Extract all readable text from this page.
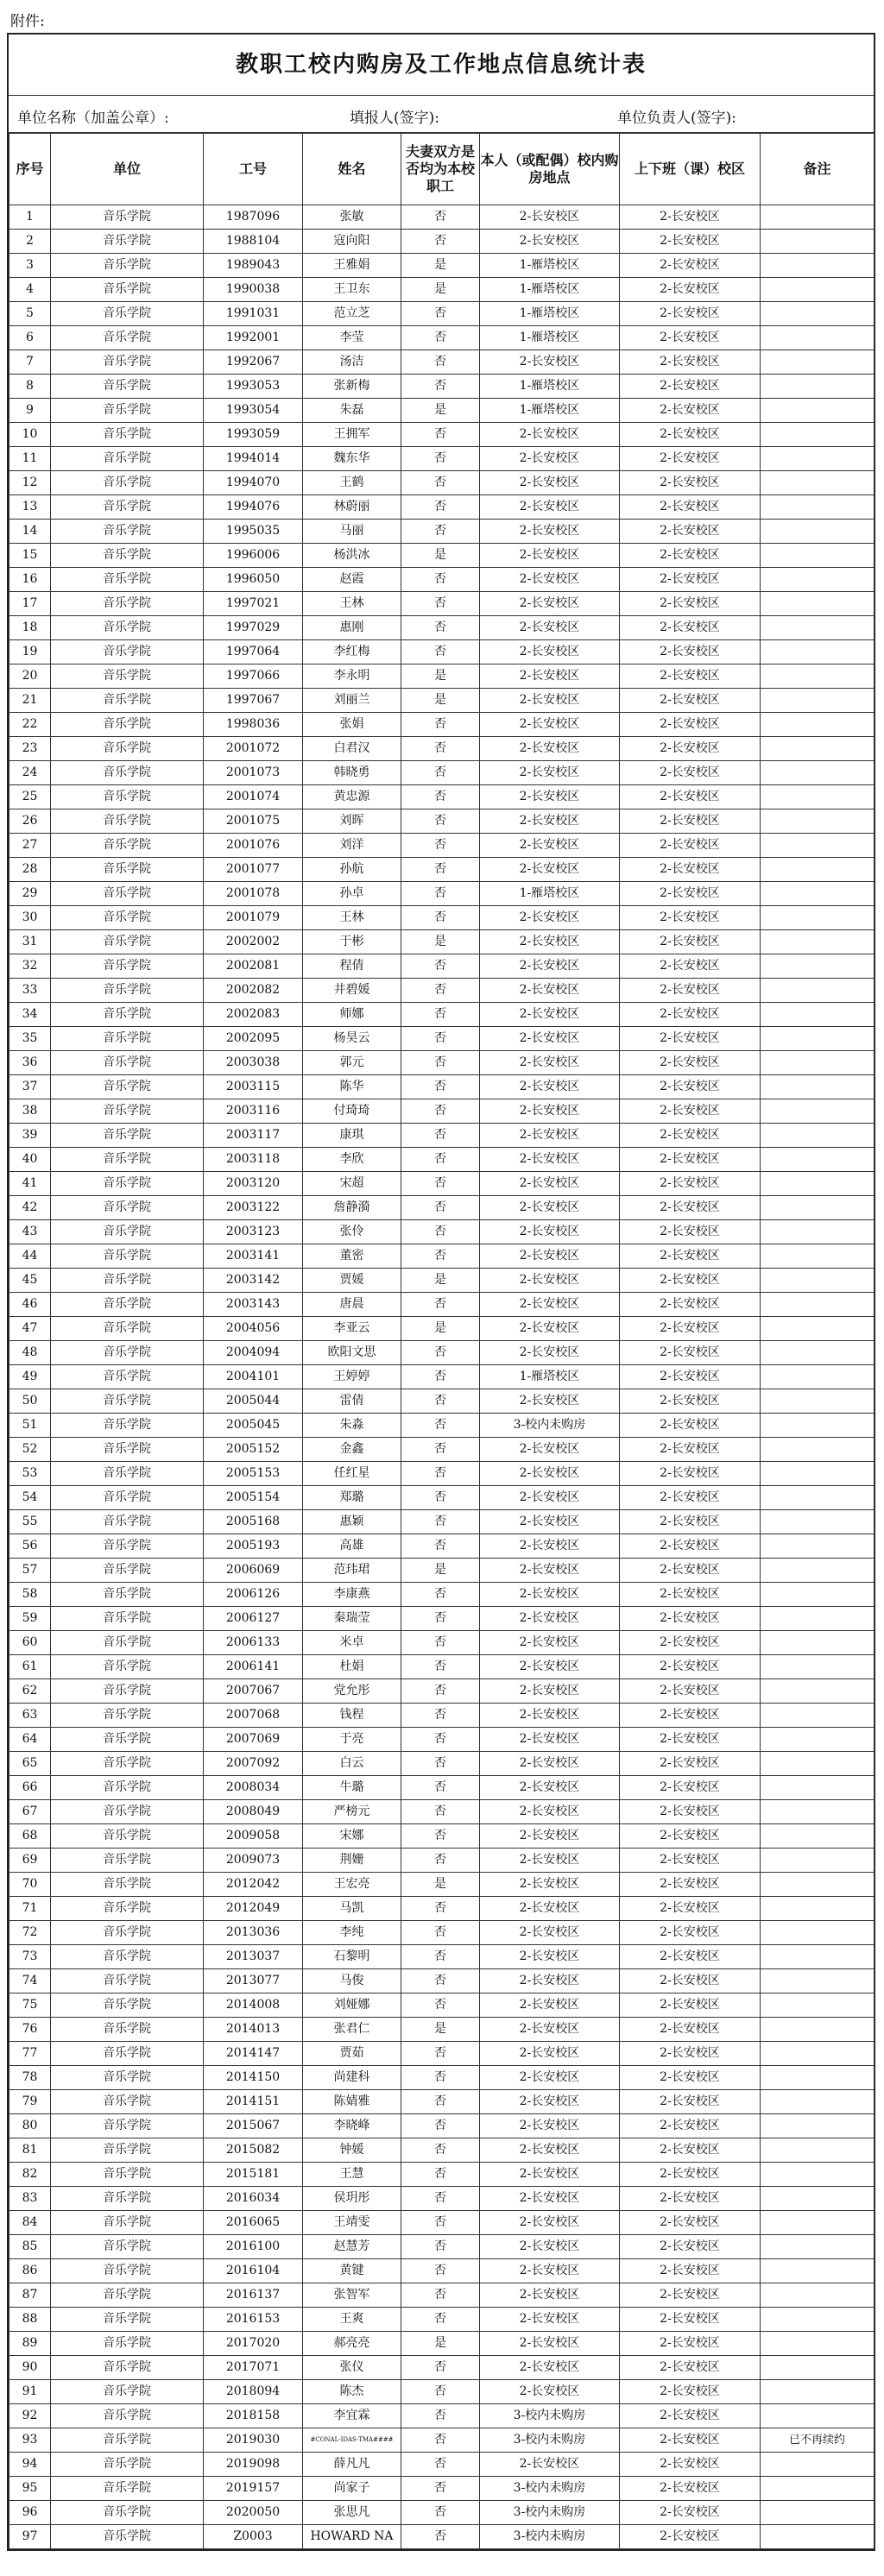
附件:
教职工校内购房及工作地点信息统计表
单位名称（加盖公章）:	填报人(签字):	单位负责人(签字):
序号	单位	工号	姓名	夫妻双方是否均为本校职工	本人（或配偶）校内购房地点	上下班（课）校区	备注
1	音乐学院	1987096	张敏	否	2-长安校区	2-长安校区	
2	音乐学院	1988104	寇向阳	否	2-长安校区	2-长安校区	
3	音乐学院	1989043	王雅娟	是	1-雁塔校区	2-长安校区	
4	音乐学院	1990038	王卫东	是	1-雁塔校区	2-长安校区	
5	音乐学院	1991031	范立芝	否	1-雁塔校区	2-长安校区	
6	音乐学院	1992001	李莹	否	1-雁塔校区	2-长安校区	
7	音乐学院	1992067	汤洁	否	2-长安校区	2-长安校区	
8	音乐学院	1993053	张新梅	否	1-雁塔校区	2-长安校区	
9	音乐学院	1993054	朱磊	是	1-雁塔校区	2-长安校区	
10	音乐学院	1993059	王拥军	否	2-长安校区	2-长安校区	
11	音乐学院	1994014	魏东华	否	2-长安校区	2-长安校区	
12	音乐学院	1994070	王鹤	否	2-长安校区	2-长安校区	
13	音乐学院	1994076	林蔚丽	否	2-长安校区	2-长安校区	
14	音乐学院	1995035	马丽	否	2-长安校区	2-长安校区	
15	音乐学院	1996006	杨洪冰	是	2-长安校区	2-长安校区	
16	音乐学院	1996050	赵霞	否	2-长安校区	2-长安校区	
17	音乐学院	1997021	王林	否	2-长安校区	2-长安校区	
18	音乐学院	1997029	惠刚	否	2-长安校区	2-长安校区	
19	音乐学院	1997064	李红梅	否	2-长安校区	2-长安校区	
20	音乐学院	1997066	李永明	是	2-长安校区	2-长安校区	
21	音乐学院	1997067	刘丽兰	是	2-长安校区	2-长安校区	
22	音乐学院	1998036	张娟	否	2-长安校区	2-长安校区	
23	音乐学院	2001072	白君汉	否	2-长安校区	2-长安校区	
24	音乐学院	2001073	韩晓勇	否	2-长安校区	2-长安校区	
25	音乐学院	2001074	黄忠源	否	2-长安校区	2-长安校区	
26	音乐学院	2001075	刘晖	否	2-长安校区	2-长安校区	
27	音乐学院	2001076	刘洋	否	2-长安校区	2-长安校区	
28	音乐学院	2001077	孙航	否	2-长安校区	2-长安校区	
29	音乐学院	2001078	孙卓	否	1-雁塔校区	2-长安校区	
30	音乐学院	2001079	王林	否	2-长安校区	2-长安校区	
31	音乐学院	2002002	于彬	是	2-长安校区	2-长安校区	
32	音乐学院	2002081	程倩	否	2-长安校区	2-长安校区	
33	音乐学院	2002082	井碧媛	否	2-长安校区	2-长安校区	
34	音乐学院	2002083	师娜	否	2-长安校区	2-长安校区	
35	音乐学院	2002095	杨昊云	否	2-长安校区	2-长安校区	
36	音乐学院	2003038	郭元	否	2-长安校区	2-长安校区	
37	音乐学院	2003115	陈华	否	2-长安校区	2-长安校区	
38	音乐学院	2003116	付琦琦	否	2-长安校区	2-长安校区	
39	音乐学院	2003117	康琪	否	2-长安校区	2-长安校区	
40	音乐学院	2003118	李欣	否	2-长安校区	2-长安校区	
41	音乐学院	2003120	宋超	否	2-长安校区	2-长安校区	
42	音乐学院	2003122	詹静漪	否	2-长安校区	2-长安校区	
43	音乐学院	2003123	张伶	否	2-长安校区	2-长安校区	
44	音乐学院	2003141	董密	否	2-长安校区	2-长安校区	
45	音乐学院	2003142	贾媛	是	2-长安校区	2-长安校区	
46	音乐学院	2003143	唐晨	否	2-长安校区	2-长安校区	
47	音乐学院	2004056	李亚云	是	2-长安校区	2-长安校区	
48	音乐学院	2004094	欧阳文思	否	2-长安校区	2-长安校区	
49	音乐学院	2004101	王婷婷	否	1-雁塔校区	2-长安校区	
50	音乐学院	2005044	雷倩	否	2-长安校区	2-长安校区	
51	音乐学院	2005045	朱淼	否	3-校内未购房	2-长安校区	
52	音乐学院	2005152	金鑫	否	2-长安校区	2-长安校区	
53	音乐学院	2005153	任红星	否	2-长安校区	2-长安校区	
54	音乐学院	2005154	郑璐	否	2-长安校区	2-长安校区	
55	音乐学院	2005168	惠颖	否	2-长安校区	2-长安校区	
56	音乐学院	2005193	高雄	否	2-长安校区	2-长安校区	
57	音乐学院	2006069	范玮珺	是	2-长安校区	2-长安校区	
58	音乐学院	2006126	李康燕	否	2-长安校区	2-长安校区	
59	音乐学院	2006127	秦瑞莹	否	2-长安校区	2-长安校区	
60	音乐学院	2006133	米卓	否	2-长安校区	2-长安校区	
61	音乐学院	2006141	杜娟	否	2-长安校区	2-长安校区	
62	音乐学院	2007067	党允彤	否	2-长安校区	2-长安校区	
63	音乐学院	2007068	钱程	否	2-长安校区	2-长安校区	
64	音乐学院	2007069	于亮	否	2-长安校区	2-长安校区	
65	音乐学院	2007092	白云	否	2-长安校区	2-长安校区	
66	音乐学院	2008034	牛璐	否	2-长安校区	2-长安校区	
67	音乐学院	2008049	严榜元	否	2-长安校区	2-长安校区	
68	音乐学院	2009058	宋娜	否	2-长安校区	2-长安校区	
69	音乐学院	2009073	荆姗	否	2-长安校区	2-长安校区	
70	音乐学院	2012042	王宏亮	是	2-长安校区	2-长安校区	
71	音乐学院	2012049	马凯	否	2-长安校区	2-长安校区	
72	音乐学院	2013036	李纯	否	2-长安校区	2-长安校区	
73	音乐学院	2013037	石黎明	否	2-长安校区	2-长安校区	
74	音乐学院	2013077	马俊	否	2-长安校区	2-长安校区	
75	音乐学院	2014008	刘娅娜	否	2-长安校区	2-长安校区	
76	音乐学院	2014013	张君仁	是	2-长安校区	2-长安校区	
77	音乐学院	2014147	贾茹	否	2-长安校区	2-长安校区	
78	音乐学院	2014150	尚建科	否	2-长安校区	2-长安校区	
79	音乐学院	2014151	陈婧雅	否	2-长安校区	2-长安校区	
80	音乐学院	2015067	李晓峰	否	2-长安校区	2-长安校区	
81	音乐学院	2015082	钟媛	否	2-长安校区	2-长安校区	
82	音乐学院	2015181	王慧	否	2-长安校区	2-长安校区	
83	音乐学院	2016034	侯玥彤	否	2-长安校区	2-长安校区	
84	音乐学院	2016065	王靖雯	否	2-长安校区	2-长安校区	
85	音乐学院	2016100	赵慧芳	否	2-长安校区	2-长安校区	
86	音乐学院	2016104	黄键	否	2-长安校区	2-长安校区	
87	音乐学院	2016137	张智军	否	2-长安校区	2-长安校区	
88	音乐学院	2016153	王爽	否	2-长安校区	2-长安校区	
89	音乐学院	2017020	郝亮亮	是	2-长安校区	2-长安校区	
90	音乐学院	2017071	张仪	否	2-长安校区	2-长安校区	
91	音乐学院	2018094	陈杰	否	2-长安校区	2-长安校区	
92	音乐学院	2018158	李宜霖	否	3-校内未购房	2-长安校区	
93	音乐学院	2019030	#CONAL-IDAS-TMA####	否	3-校内未购房	2-长安校区	已不再续约
94	音乐学院	2019098	薛凡凡	否	2-长安校区	2-长安校区	
95	音乐学院	2019157	尚家子	否	3-校内未购房	2-长安校区	
96	音乐学院	2020050	张思凡	否	3-校内未购房	2-长安校区	
97	音乐学院	Z0003	HOWARD NA	否	3-校内未购房	2-长安校区	
